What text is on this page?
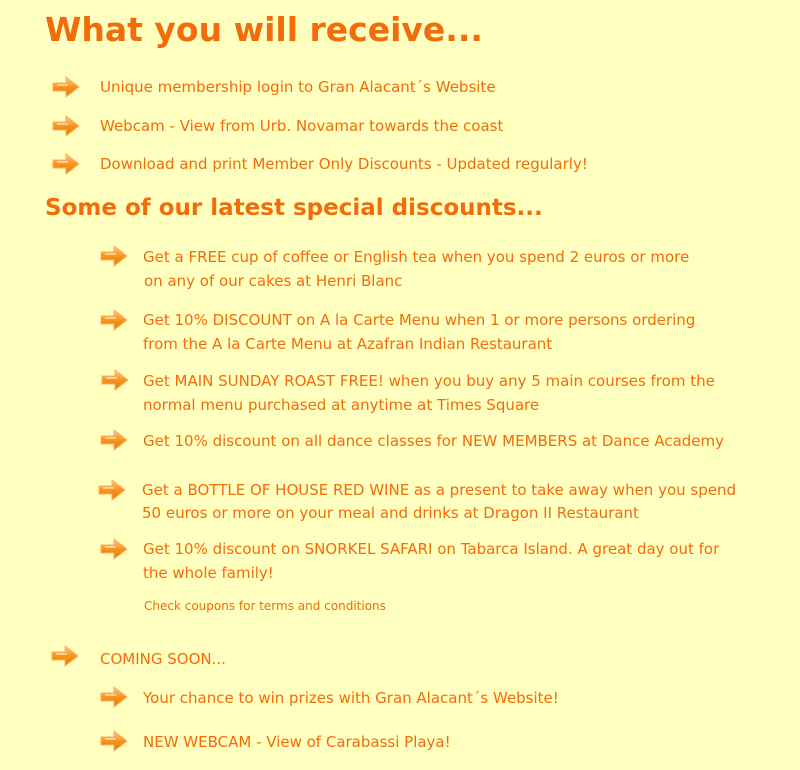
What you will receive...
Unique membership login to Gran Alacant´s Website
Webcam - View from Urb. Novamar towards the coast
Download and print Member Only Discounts - Updated regularly!
Some of our latest special discounts...
Get a FREE cup of coffee or English tea when you spend 2 euros or more
on any of our cakes at Henri Blanc
Get 10% DISCOUNT on A la Carte Menu when 1 or more persons ordering
from the A la Carte Menu at Azafran Indian Restaurant
Get MAIN SUNDAY ROAST FREE! when you buy any 5 main courses from the
normal menu purchased at anytime at Times Square
Get 10% discount on all dance classes for NEW MEMBERS at Dance Academy
Get a BOTTLE OF HOUSE RED WINE as a present to take away when you spend
50 euros or more on your meal and drinks at Dragon II Restaurant
Get 10% discount on SNORKEL SAFARI on Tabarca Island. A great day out for
the whole family!
Check coupons for terms and conditions
COMING SOON...
Your chance to win prizes with Gran Alacant´s Website!
NEW WEBCAM - View of Carabassi Playa!
